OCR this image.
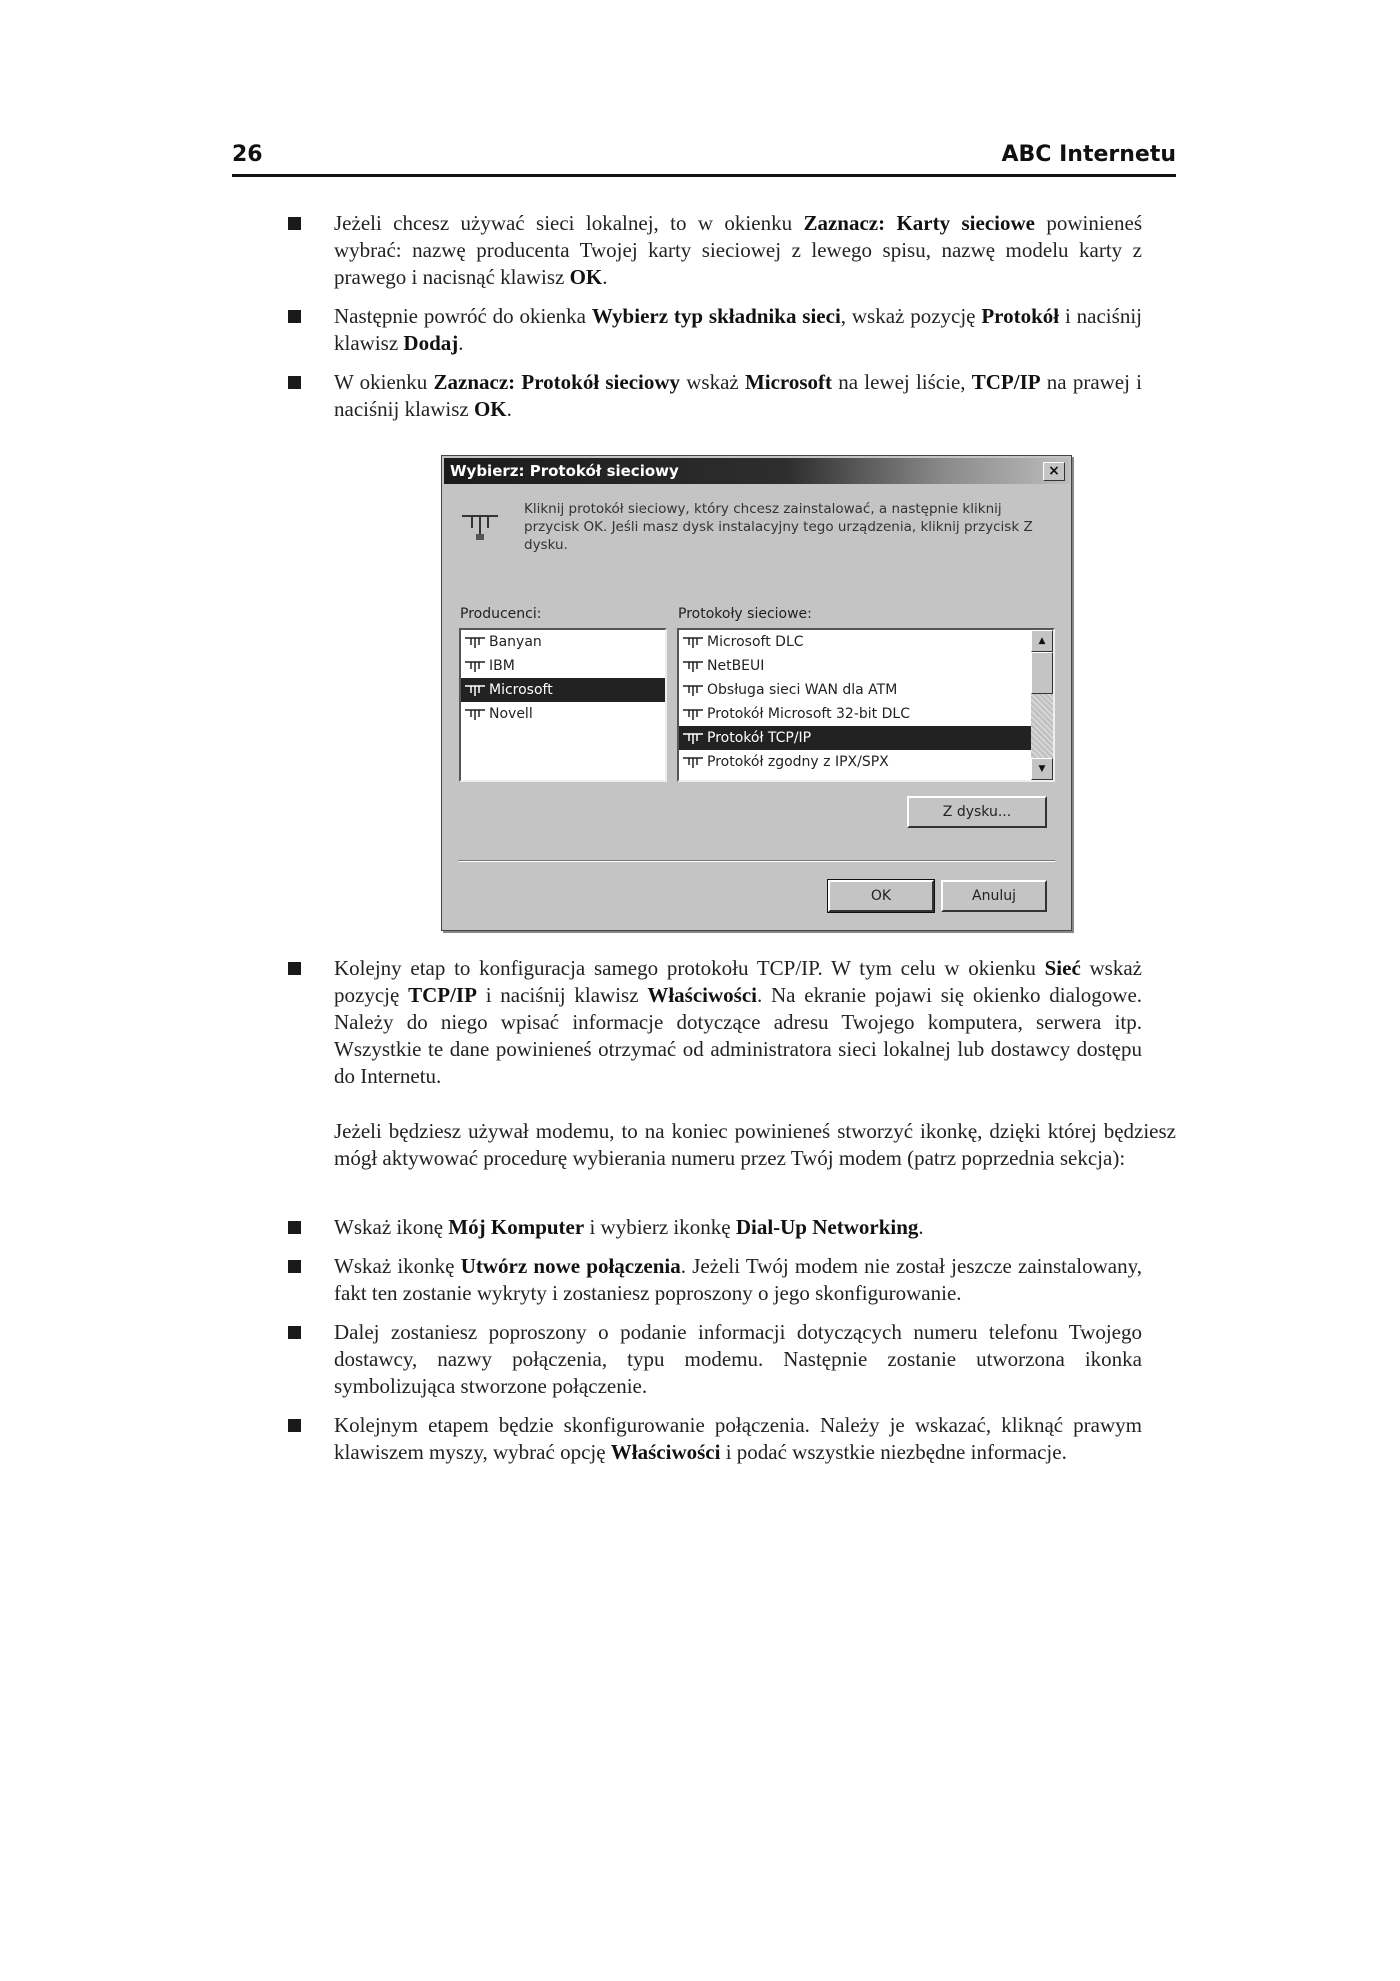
26	ABC Internetu
Jeżeli chcesz używać sieci lokalnej, to w okienku Zaznacz: Karty sieciowe powinieneś wybrać: nazwę producenta Twojej karty sieciowej z lewego spisu, nazwę modelu karty z prawego i nacisnąć klawisz OK.
Następnie powróć do okienka Wybierz typ składnika sieci, wskaż pozycję Protokół i naciśnij klawisz Dodaj.
W okienku Zaznacz: Protokół sieciowy wskaż Microsoft na lewej liście, TCP/IP na prawej i naciśnij klawisz OK.
Wybierz: Protokół sieciowy	×
Kliknij protokół sieciowy, który chcesz zainstalować, a następnie kliknij przycisk OK. Jeśli masz dysk instalacyjny tego urządzenia, kliknij przycisk Z dysku.
Producenci:
Banyan
IBM
Microsoft
Novell
Protokoły sieciowe:
Microsoft DLC
NetBEUI
Obsługa sieci WAN dla ATM
Protokół Microsoft 32-bit DLC
Protokół TCP/IP
Protokół zgodny z IPX/SPX
▲
▼
Z dysku...
OK	Anuluj
Kolejny etap to konfiguracja samego protokołu TCP/IP. W tym celu w okienku Sieć wskaż pozycję TCP/IP i naciśnij klawisz Właściwości. Na ekranie pojawi się okienko dialogowe. Należy do niego wpisać informacje dotyczące adresu Twojego komputera, serwera itp. Wszystkie te dane powinieneś otrzymać od administratora sieci lokalnej lub dostawcy dostępu do Internetu.
Jeżeli będziesz używał modemu, to na koniec powinieneś stworzyć ikonkę, dzięki której będziesz mógł aktywować procedurę wybierania numeru przez Twój modem (patrz poprzednia sekcja):
Wskaż ikonę Mój Komputer i wybierz ikonkę Dial-Up Networking.
Wskaż ikonkę Utwórz nowe połączenia. Jeżeli Twój modem nie został jeszcze zainstalowany, fakt ten zostanie wykryty i zostaniesz poproszony o jego skonfigurowanie.
Dalej zostaniesz poproszony o podanie informacji dotyczących numeru telefonu Twojego dostawcy, nazwy połączenia, typu modemu. Następnie zostanie utworzona ikonka symbolizująca stworzone połączenie.
Kolejnym etapem będzie skonfigurowanie połączenia. Należy je wskazać, kliknąć prawym klawiszem myszy, wybrać opcję Właściwości i podać wszystkie niezbędne informacje.
